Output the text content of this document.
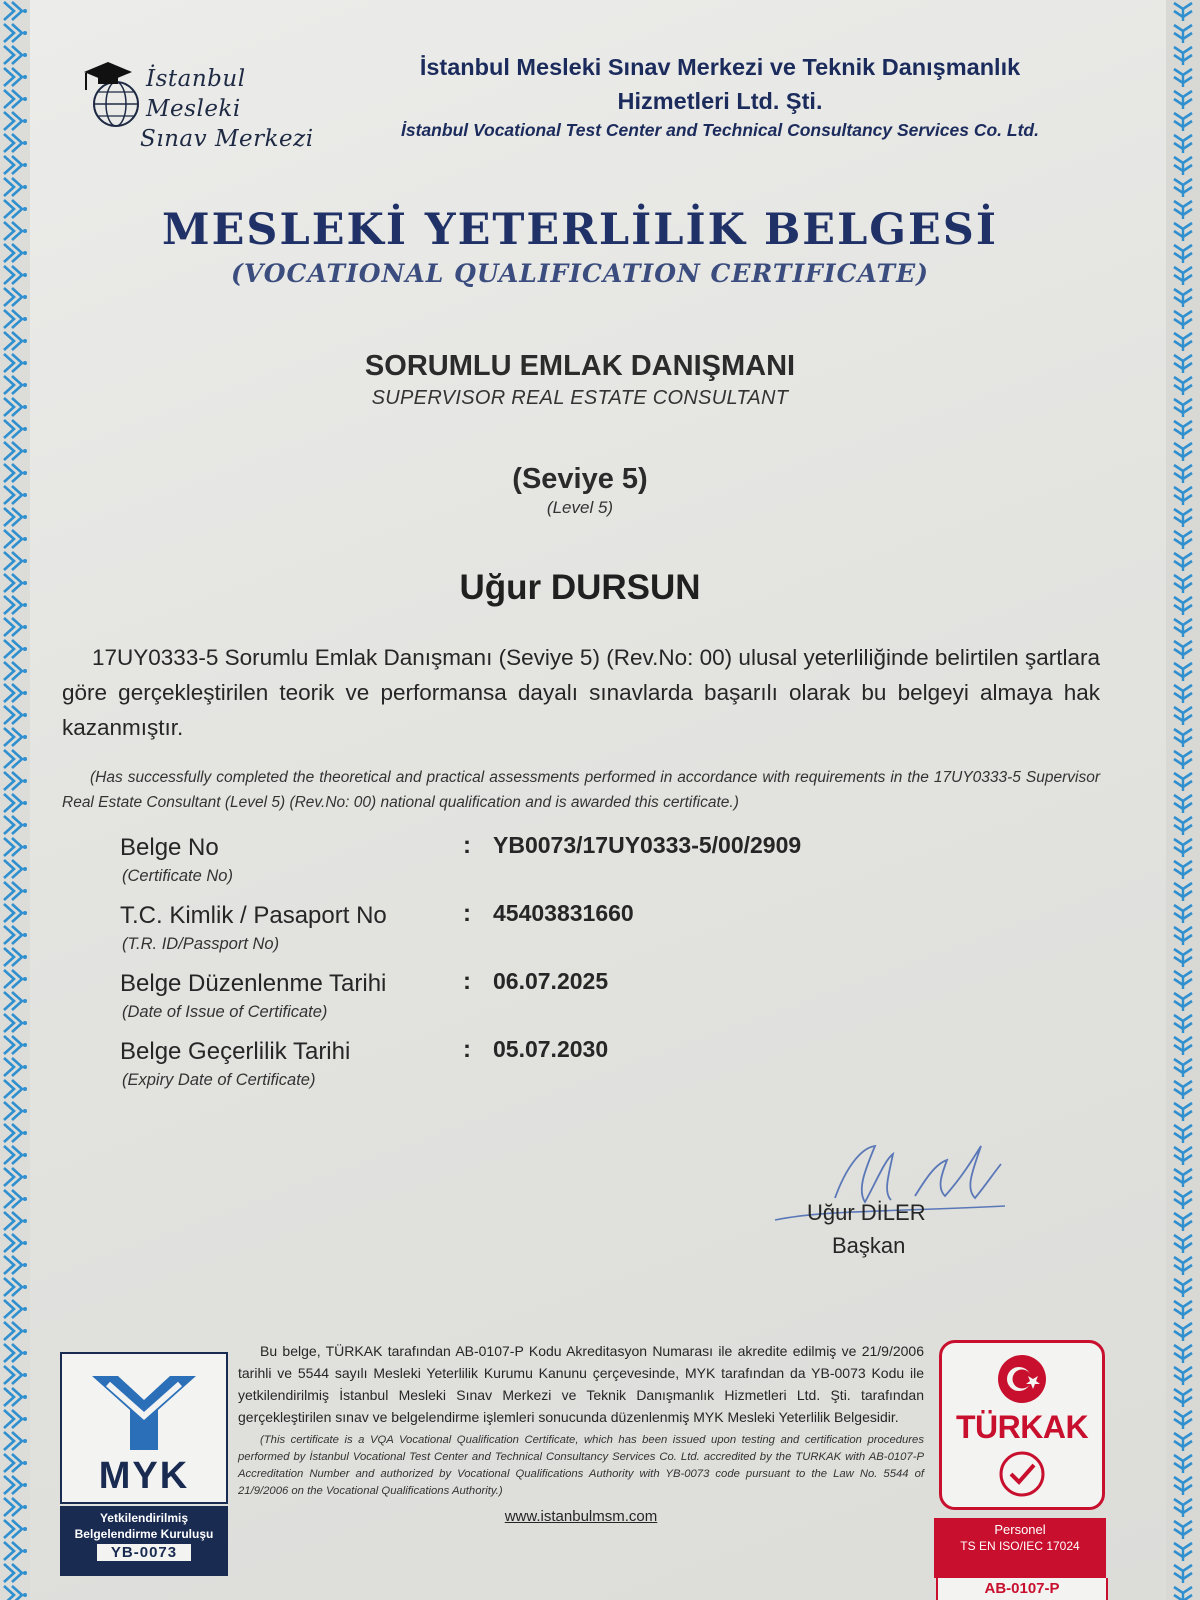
İstanbul Mesleki
Sınav Merkezi
İstanbul Mesleki Sınav Merkezi ve Teknik Danışmanlık
Hizmetleri Ltd. Şti.
İstanbul Vocational Test Center and Technical Consultancy Services Co. Ltd.
MESLEKİ YETERLİLİK BELGESİ
(VOCATIONAL QUALIFICATION CERTIFICATE)
SORUMLU EMLAK DANIŞMANI
SUPERVISOR REAL ESTATE CONSULTANT
(Seviye 5)
(Level 5)
Uğur DURSUN
17UY0333-5 Sorumlu Emlak Danışmanı (Seviye 5) (Rev.No: 00) ulusal yeterliliğinde belirtilen şartlara göre gerçekleştirilen teorik ve performansa dayalı sınavlarda başarılı olarak bu belgeyi almaya hak kazanmıştır.
(Has successfully completed the theoretical and practical assessments performed in accordance with requirements in the 17UY0333-5 Supervisor Real Estate Consultant (Level 5) (Rev.No: 00) national qualification and is awarded this certificate.)
Belge No
(Certificate No)
: YB0073/17UY0333-5/00/2909
T.C. Kimlik / Pasaport No
(T.R. ID/Passport No)
: 45403831660
Belge Düzenlenme Tarihi
(Date of Issue of Certificate)
: 06.07.2025
Belge Geçerlilik Tarihi
(Expiry Date of Certificate)
: 05.07.2030
Uğur DİLER
Başkan
MYK
Yetkilendirilmiş
Belgelendirme Kuruluşu
YB-0073
Bu belge, TÜRKAK tarafından AB-0107-P Kodu Akreditasyon Numarası ile akredite edilmiş ve 21/9/2006 tarihli ve 5544 sayılı Mesleki Yeterlilik Kurumu Kanunu çerçevesinde, MYK tarafından da YB-0073 Kodu ile yetkilendirilmiş İstanbul Mesleki Sınav Merkezi ve Teknik Danışmanlık Hizmetleri Ltd. Şti. tarafından gerçekleştirilen sınav ve belgelendirme işlemleri sonucunda düzenlenmiş MYK Mesleki Yeterlilik Belgesidir.
(This certificate is a VQA Vocational Qualification Certificate, which has been issued upon testing and certification procedures performed by İstanbul Vocational Test Center and Technical Consultancy Services Co. Ltd. accredited by the TURKAK with AB-0107-P Accreditation Number and authorized by Vocational Qualifications Authority with YB-0073 code pursuant to the Law No. 5544 of 21/9/2006 on the Vocational Qualifications Authority.)
www.istanbulmsm.com
TÜRKAK
Personel
TS EN ISO/IEC 17024
AB-0107-P
